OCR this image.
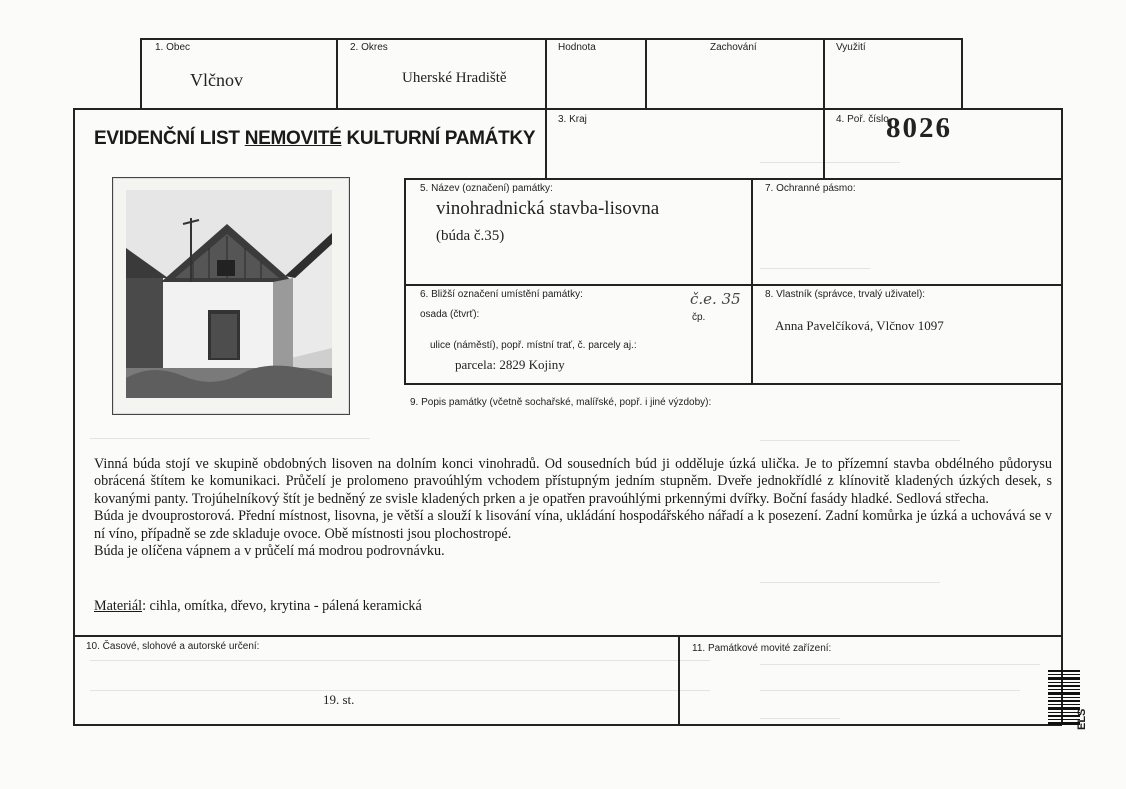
1. Obec
Vlčnov
2. Okres
Uherské Hradiště
Hodnota	Zachování	Využití
EVIDENČNÍ LIST NEMOVITÉ KULTURNÍ PAMÁTKY
3. Kraj	4. Poř. číslo
8026
5. Název (označení) památky:
vinohradnická stavba-lisovna
(búda č.35)
7. Ochranné pásmo:
6. Bližší označení umístění památky:
osada (čtvrť):	čp.
č.e. 35
ulice (náměstí), popř. místní trať, č. parcely aj.:
parcela: 2829 Kojiny
8. Vlastník (správce, trvalý uživatel):
Anna Pavelčíková, Vlčnov 1097
9. Popis památky (včetně sochařské, malířské, popř. i jiné výzdoby):

Vinná búda stojí ve skupině obdobných lisoven na dolním konci vinohradů. Od sousedních búd ji odděluje úzká ulička. Je to přízemní stavba obdélného půdorysu obrácená štítem ke komunikaci. Průčelí je prolomeno pravoúhlým vchodem přístupným jedním stupněm. Dveře jednokřídlé z klínovitě kladených úzkých desek, s kovanými panty. Trojúhelníkový štít je bedněný ze svisle kladených prken a je opatřen pravoúhlými prkennými dvířky. Boční fasády hladké. Sedlová střecha.

Búda je dvouprostorová. Přední místnost, lisovna, je větší a slouží k lisování vína, ukládání hospodářského nářadí a k posezení. Zadní komůrka je úzká a uchovává se v ní víno, případně se zde skladuje ovoce. Obě místnosti jsou plochostropé.

Búda je olíčena vápnem a v průčelí má modrou podrovnávku.

Materiál: cihla, omítka, dřevo, krytina - pálená keramická
10. Časové, slohové a autorské určení:
19. st.
11. Památkové movité zařízení:
ELS
